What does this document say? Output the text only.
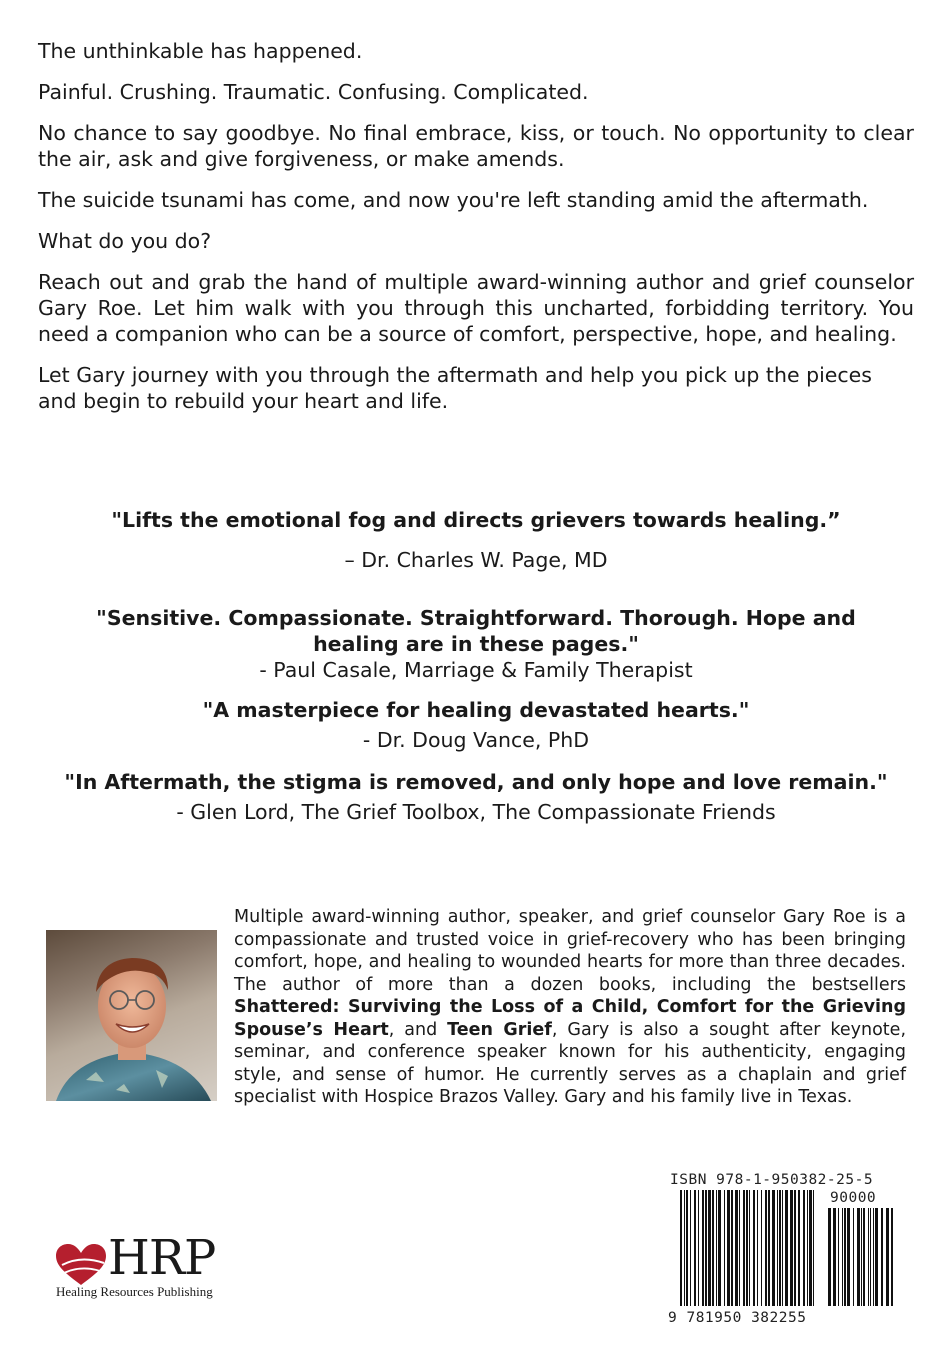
The unthinkable has happened.

Painful. Crushing. Traumatic. Confusing. Complicated.

No chance to say goodbye. No final embrace, kiss, or touch. No opportunity to clear the air, ask and give forgiveness, or make amends.

The suicide tsunami has come, and now you're left standing amid the aftermath.

What do you do?

Reach out and grab the hand of multiple award-winning author and grief counselor Gary Roe. Let him walk with you through this uncharted, forbidding territory. You need a companion who can be a source of comfort, perspective, hope, and healing.

Let Gary journey with you through the aftermath and help you pick up the pieces and begin to rebuild your heart and life.

"Lifts the emotional fog and directs grievers towards healing.”
– Dr. Charles W. Page, MD
"Sensitive. Compassionate. Straightforward. Thorough. Hope and healing are in these pages."
- Paul Casale, Marriage & Family Therapist
"A masterpiece for healing devastated hearts."
- Dr. Doug Vance, PhD
"In Aftermath, the stigma is removed, and only hope and love remain."
- Glen Lord, The Grief Toolbox, The Compassionate Friends
Multiple award-winning author, speaker, and grief counselor Gary Roe is a compassionate and trusted voice in grief-recovery who has been bringing comfort, hope, and healing to wounded hearts for more than three decades. The author of more than a dozen books, including the bestsellers Shattered: Surviving the Loss of a Child, Comfort for the Grieving Spouse’s Heart, and Teen Grief, Gary is also a sought after keynote, seminar, and conference speaker known for his authenticity, engaging style, and sense of humor. He currently serves as a chaplain and grief specialist with Hospice Brazos Valley. Gary and his family live in Texas.
HRP
Healing Resources Publishing
ISBN 978-1-950382-25-5
90000
9 781950 382255
